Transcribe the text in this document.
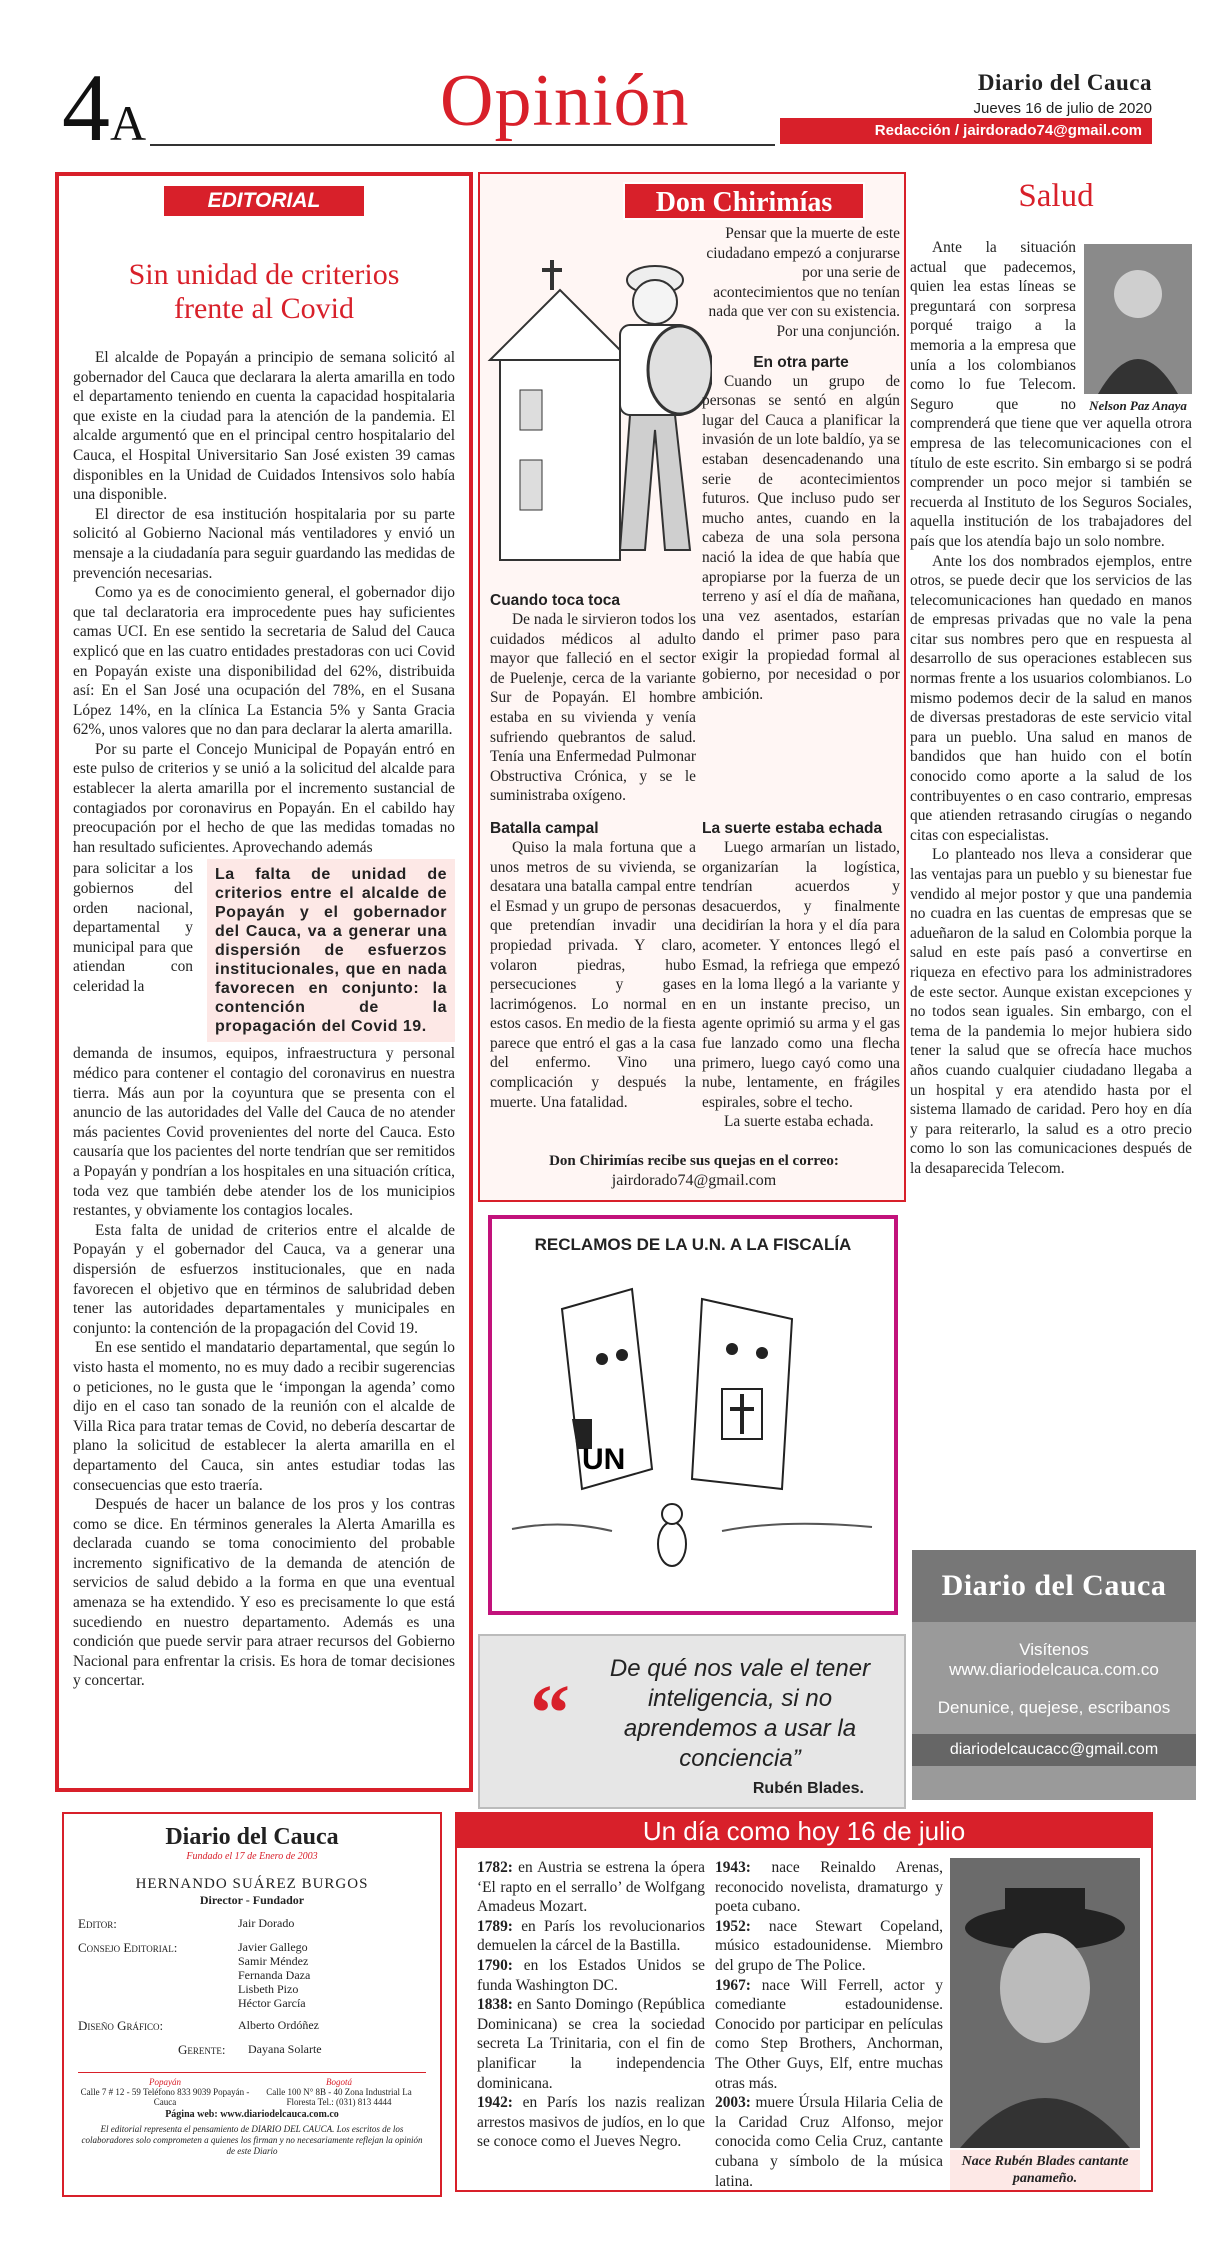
4A	Opinión	Diario del Cauca
Jueves 16 de julio de 2020
Redacción / jairdorado74@gmail.com
EDITORIAL
Sin unidad de criterios frente al Covid

El alcalde de Popayán a principio de semana solicitó al gobernador del Cauca que declarara la alerta amarilla en todo el departamento teniendo en cuenta la capacidad hospitalaria que existe en la ciudad para la atención de la pandemia. El alcalde argumentó que en el principal centro hospitalario del Cauca, el Hospital Universitario San José existen 39 camas disponibles en la Unidad de Cuidados Intensivos solo había una disponible.

El director de esa institución hospitalaria por su parte solicitó al Gobierno Nacional más ventiladores y envió un mensaje a la ciudadanía para seguir guardando las medidas de prevención necesarias.

Como ya es de conocimiento general, el gobernador dijo que tal declaratoria era improcedente pues hay suficientes camas UCI. En ese sentido la secretaria de Salud del Cauca explicó que en las cuatro entidades prestadoras con uci Covid en Popayán existe una disponibilidad del 62%, distribuida así: En el San José una ocupación del 78%, en el Susana López 14%, en la clínica La Estancia 5% y Santa Gracia 62%, unos valores que no dan para declarar la alerta amarilla.

Por su parte el Concejo Municipal de Popayán entró en este pulso de criterios y se unió a la solicitud del alcalde para establecer la alerta amarilla por el incremento sustancial de contagiados por coronavirus en Popayán. En el cabildo hay preocupación por el hecho de que las medidas tomadas no han resultado suficientes. Aprovechando además

para solicitar a los gobiernos del orden nacional, departamental y municipal para que atiendan con celeridad la
La falta de unidad de criterios entre el alcalde de Popayán y el gobernador del Cauca, va a generar una dispersión de esfuerzos institucionales, que en nada favorecen en conjunto: la contención de la propagación del Covid 19.

demanda de insumos, equipos, infraestructura y personal médico para contener el contagio del coronavirus en nuestra tierra. Más aun por la coyuntura que se presenta con el anuncio de las autoridades del Valle del Cauca de no atender más pacientes Covid provenientes del norte del Cauca. Esto causaría que los pacientes del norte tendrían que ser remitidos a Popayán y pondrían a los hospitales en una situación crítica, toda vez que también debe atender los de los municipios restantes, y obviamente los contagios locales.

Esta falta de unidad de criterios entre el alcalde de Popayán y el gobernador del Cauca, va a generar una dispersión de esfuerzos institucionales, que en nada favorecen el objetivo que en términos de salubridad deben tener las autoridades departamentales y municipales en conjunto: la contención de la propagación del Covid 19.

En ese sentido el mandatario departamental, que según lo visto hasta el momento, no es muy dado a recibir sugerencias o peticiones, no le gusta que le ‘impongan la agenda’ como dijo en el caso tan sonado de la reunión con el alcalde de Villa Rica para tratar temas de Covid, no debería descartar de plano la solicitud de establecer la alerta amarilla en el departamento del Cauca, sin antes estudiar todas las consecuencias que esto traería.

Después de hacer un balance de los pros y los contras como se dice. En términos generales la Alerta Amarilla es declarada cuando se toma conocimiento del probable incremento significativo de la demanda de atención de servicios de salud debido a la forma en que una eventual amenaza se ha extendido. Y eso es precisamente lo que está sucediendo en nuestro departamento. Además es una condición que puede servir para atraer recursos del Gobierno Nacional para enfrentar la crisis. Es hora de tomar decisiones y concertar.

Don Chirimías

Pensar que la muerte de este ciudadano empezó a conjurarse por una serie de acontecimientos que no tenían nada que ver con su existencia. Por una conjunción.

En otra parte

Cuando un grupo de personas se sentó en algún lugar del Cauca a planificar la invasión de un lote baldío, ya se estaban desencadenando una serie de acontecimientos futuros. Que incluso pudo ser mucho antes, cuando en la cabeza de una sola persona nació la idea de que había que apropiarse por la fuerza de un terreno y así el día de mañana, una vez asentados, estarían dando el primer paso para exigir la propiedad formal al gobierno, por necesidad o por ambición.

Cuando toca toca

De nada le sirvieron todos los cuidados médicos al adulto mayor que falleció en el sector de Puelenje, cerca de la variante Sur de Popayán. El hombre estaba en su vivienda y venía sufriendo quebrantos de salud. Tenía una Enfermedad Pulmonar Obstructiva Crónica, y se le suministraba oxígeno.

Batalla campal

Quiso la mala fortuna que a unos metros de su vivienda, se desatara una batalla campal entre el Esmad y un grupo de personas que pretendían invadir una propiedad privada. Y claro, volaron piedras, hubo persecuciones y gases lacrimógenos. Lo normal en estos casos. En medio de la fiesta parece que entró el gas a la casa del enfermo. Vino una complicación y después la muerte. Una fatalidad.

La suerte estaba echada

Luego armarían un listado, organizarían la logística, tendrían acuerdos y desacuerdos, y finalmente decidirían la hora y el día para acometer. Y entonces llegó el Esmad, la refriega que empezó en la loma llegó a la variante y en un instante preciso, un agente oprimió su arma y el gas fue lanzado como una flecha primero, luego cayó como una nube, lentamente, en frágiles espirales, sobre el techo.

La suerte estaba echada.

Don Chirimías recibe sus quejas en el correo:
jairdorado74@gmail.com
RECLAMOS DE LA U.N. A LA FISCALÍA
UN
“
De qué nos vale el tener inteligencia, si no aprendemos a usar la conciencia”
Rubén Blades.
Salud
Nelson Paz Anaya

Ante la situación actual que padecemos, quien lea estas líneas se preguntará con sorpresa porqué traigo a la memoria a la empresa que unía a los colombianos como lo fue Telecom. Seguro que no comprenderá que tiene que ver aquella otrora empresa de las telecomunicaciones con el título de este escrito. Sin embargo si se podrá comprender un poco mejor si también se recuerda al Instituto de los Seguros Sociales, aquella institución de los trabajadores del país que los atendía bajo un solo nombre.

Ante los dos nombrados ejemplos, entre otros, se puede decir que los servicios de las telecomunicaciones han quedado en manos de empresas privadas que no vale la pena citar sus nombres pero que en respuesta al desarrollo de sus operaciones establecen sus normas frente a los usuarios colombianos. Lo mismo podemos decir de la salud en manos de diversas prestadoras de este servicio vital para un pueblo. Una salud en manos de bandidos que han huido con el botín conocido como aporte a la salud de los contribuyentes o en caso contrario, empresas que atienden retrasando cirugías o negando citas con especialistas.

Lo planteado nos lleva a considerar que las ventajas para un pueblo y su bienestar fue vendido al mejor postor y que una pandemia no cuadra en las cuentas de empresas que se adueñaron de la salud en Colombia porque la salud en este país pasó a convertirse en riqueza en efectivo para los administradores de este sector. Aunque existan excepciones y no todos sean iguales. Sin embargo, con el tema de la pandemia lo mejor hubiera sido tener la salud que se ofrecía hace muchos años cuando cualquier ciudadano llegaba a un hospital y era atendido hasta por el sistema llamado de caridad. Pero hoy en día y para reiterarlo, la salud es a otro precio como lo son las comunicaciones después de la desaparecida Telecom.

Diario del Cauca
Visítenos
www.diariodelcauca.com.co
Denunice, quejese, escribanos
diariodelcaucacc@gmail.com
Diario del Cauca
Fundado el 17 de Enero de 2003
HERNANDO SUÁREZ BURGOS
Director - Fundador
Editor:	Jair Dorado
Consejo Editorial:	Javier Gallego
Samir Méndez
Fernanda Daza
Lisbeth Pizo
Héctor García
Diseño Gráfico:	Alberto Ordóñez
Gerente:	Dayana Solarte
Popayán
Calle 7 # 12 - 59 Teléfono 833 9039 Popayán - Cauca
Bogotá
Calle 100 N° 8B - 40 Zona Industrial La Floresta Tel.: (031) 813 4444
Página web: www.diariodelcauca.com.co
El editorial representa el pensamiento de DIARIO DEL CAUCA. Los escritos de los colaboradores solo comprometen a quienes los firman y no necesariamente reflejan la opinión de este Diario
Un día como hoy 16 de julio

1782: en Austria se estrena la ópera ‘El rapto en el serrallo’ de Wolfgang Amadeus Mozart.

1789: en París los revolucionarios demuelen la cárcel de la Bastilla.

1790: en los Estados Unidos se funda Washington DC.

1838: en Santo Domingo (República Dominicana) se crea la sociedad secreta La Trinitaria, con el fin de planificar la independencia dominicana.

1942: en París los nazis realizan arrestos masivos de judíos, en lo que se conoce como el Jueves Negro.

1943: nace Reinaldo Arenas, reconocido novelista, dramaturgo y poeta cubano.

1952: nace Stewart Copeland, músico estadounidense. Miembro del grupo de The Police.

1967: nace Will Ferrell, actor y comediante estadounidense. Conocido por participar en películas como Step Brothers, Anchorman, The Other Guys, Elf, entre muchas otras más.

2003: muere Úrsula Hilaria Celia de la Caridad Cruz Alfonso, mejor conocida como Celia Cruz, cantante cubana y símbolo de la música latina.

Nace Rubén Blades cantante panameño.
